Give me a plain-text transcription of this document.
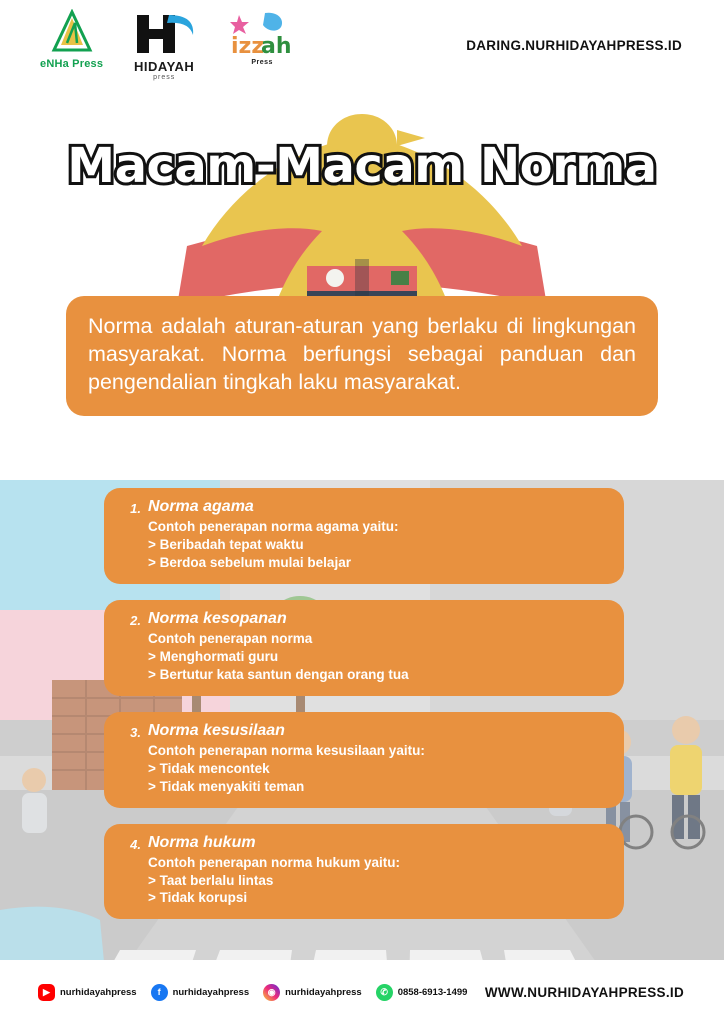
eNHa Press	HIDAYAH
press
izz
ah
Press
DARING.NURHIDAYAHPRESS.ID
Macam-Macam Norma
Norma adalah aturan-aturan yang berlaku di lingkungan masyarakat. Norma berfungsi sebagai panduan dan pengendalian tingkah laku masyarakat.
1. Norma agama
Contoh penerapan norma agama yaitu:
> Beribadah tepat waktu
> Berdoa sebelum mulai belajar
2. Norma kesopanan
Contoh penerapan norma
> Menghormati guru
> Bertutur kata santun dengan orang tua
3. Norma kesusilaan
Contoh penerapan norma kesusilaan yaitu:
> Tidak mencontek
> Tidak menyakiti teman
4. Norma hukum
Contoh penerapan norma hukum yaitu:
> Taat berlalu lintas
> Tidak korupsi
▶	nurhidayahpress	f	nurhidayahpress	◉	nurhidayahpress	✆	0858-6913-1499 WWW.NURHIDAYAHPRESS.ID
